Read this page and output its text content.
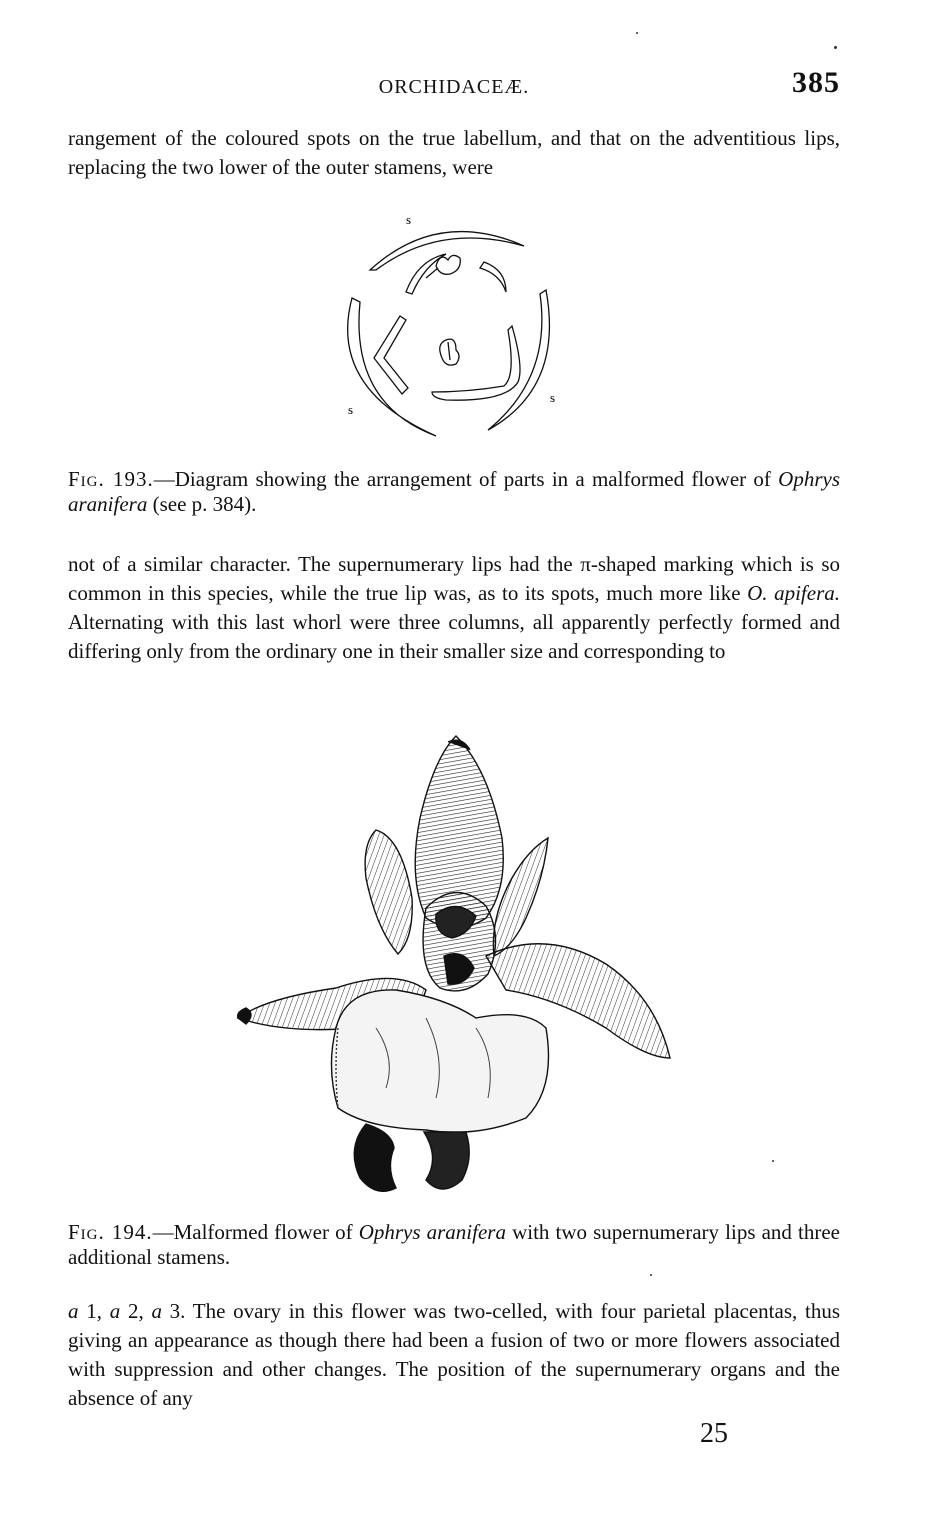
ORCHIDACEÆ.	385

rangement of the coloured spots on the true labellum, and that on the adventitious lips, replacing the two lower of the outer stamens, were

s
s
s

Fig. 193.—Diagram showing the arrangement of parts in a malformed flower of Ophrys aranifera (see p. 384).

not of a similar character. The supernumerary lips had the π-shaped marking which is so common in this species, while the true lip was, as to its spots, much more like O. apifera. Alternating with this last whorl were three columns, all apparently perfectly formed and differing only from the ordinary one in their smaller size and corresponding to

Fig. 194.—Malformed flower of Ophrys aranifera with two supernumerary lips and three additional stamens.

a 1, a 2, a 3. The ovary in this flower was two-celled, with four parietal placentas, thus giving an appearance as though there had been a fusion of two or more flowers associated with suppression and other changes. The position of the supernumerary organs and the absence of any

25
